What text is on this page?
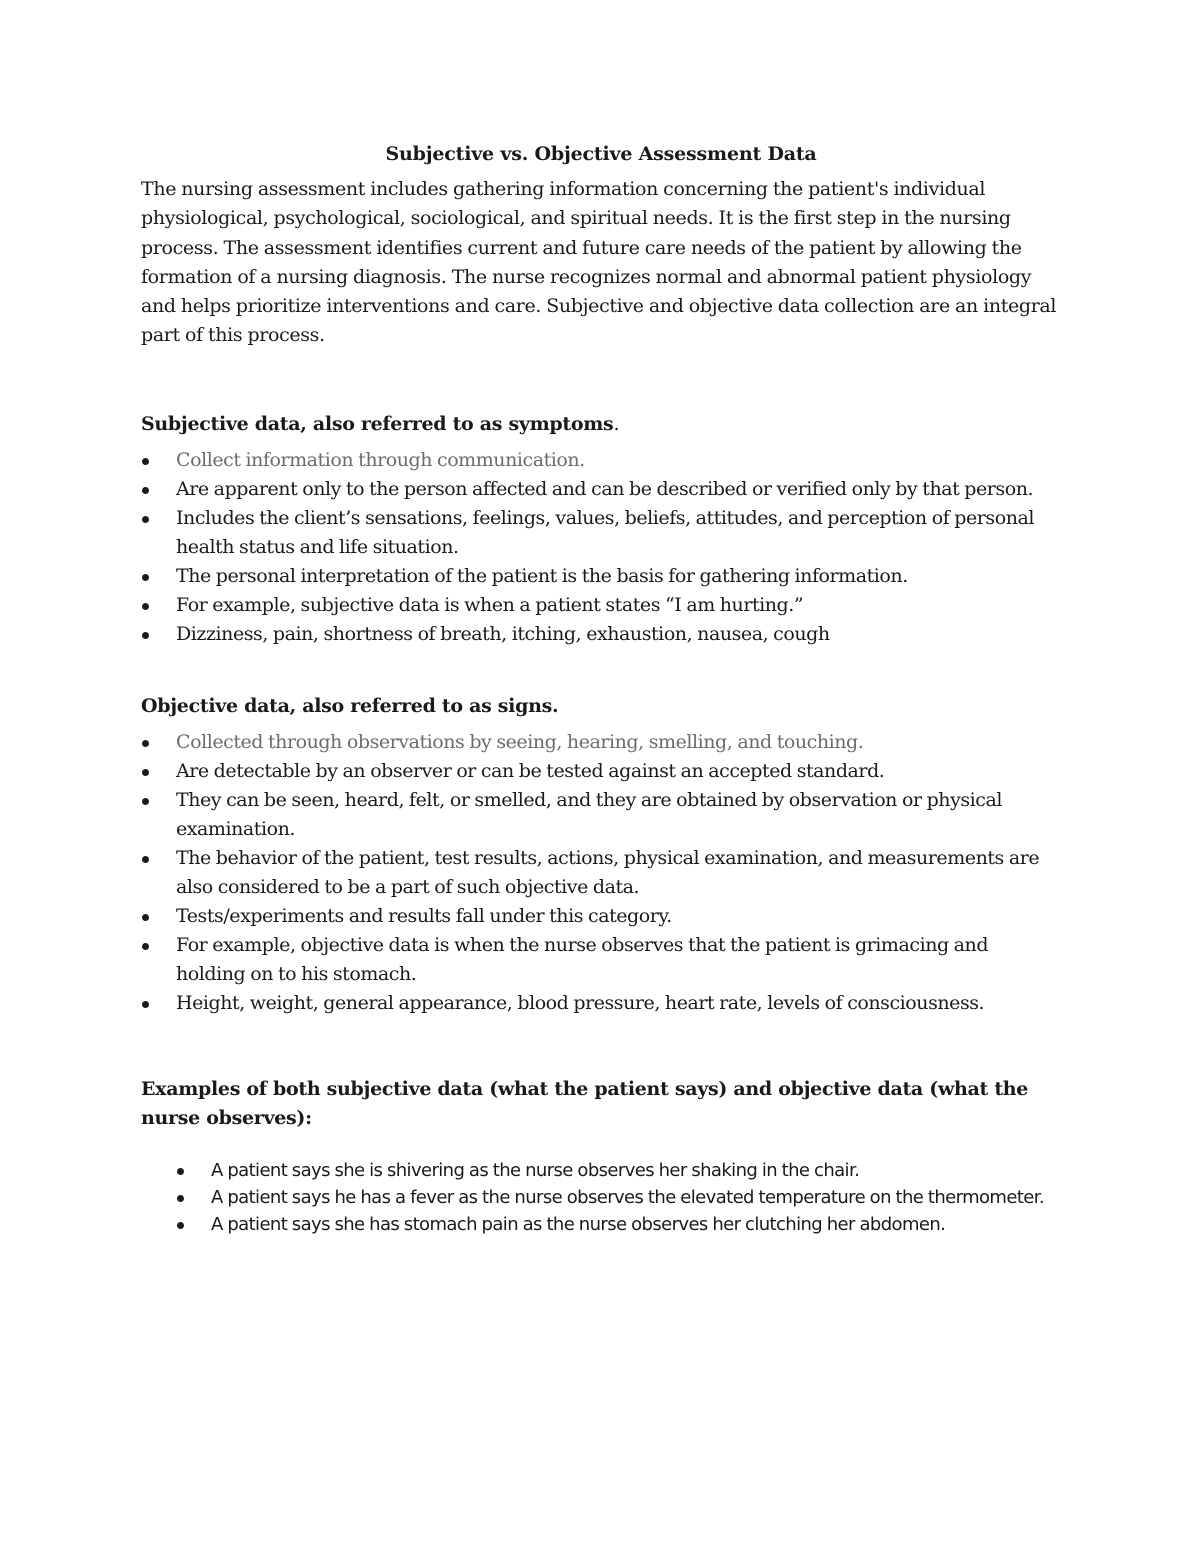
Subjective vs. Objective Assessment Data

The nursing assessment includes gathering information concerning the patient's individual physiological, psychological, sociological, and spiritual needs. It is the first step in the nursing process. The assessment identifies current and future care needs of the patient by allowing the formation of a nursing diagnosis. The nurse recognizes normal and abnormal patient physiology and helps prioritize interventions and care. Subjective and objective data collection are an integral part of this process.

Subjective data, also referred to as symptoms.

Collect information through communication.
Are apparent only to the person affected and can be described or verified only by that person.
Includes the client’s sensations, feelings, values, beliefs, attitudes, and perception of personal health status and life situation.
The personal interpretation of the patient is the basis for gathering information.
For example, subjective data is when a patient states “I am hurting.”
Dizziness, pain, shortness of breath, itching, exhaustion, nausea, cough

Objective data, also referred to as signs.

Collected through observations by seeing, hearing, smelling, and touching.
Are detectable by an observer or can be tested against an accepted standard.
They can be seen, heard, felt, or smelled, and they are obtained by observation or physical examination.
The behavior of the patient, test results, actions, physical examination, and measurements are also considered to be a part of such objective data.
Tests/experiments and results fall under this category.
For example, objective data is when the nurse observes that the patient is grimacing and holding on to his stomach.
Height, weight, general appearance, blood pressure, heart rate, levels of consciousness.

Examples of both subjective data (what the patient says) and objective data (what the nurse observes):

A patient says she is shivering as the nurse observes her shaking in the chair.
A patient says he has a fever as the nurse observes the elevated temperature on the thermometer.
A patient says she has stomach pain as the nurse observes her clutching her abdomen.
